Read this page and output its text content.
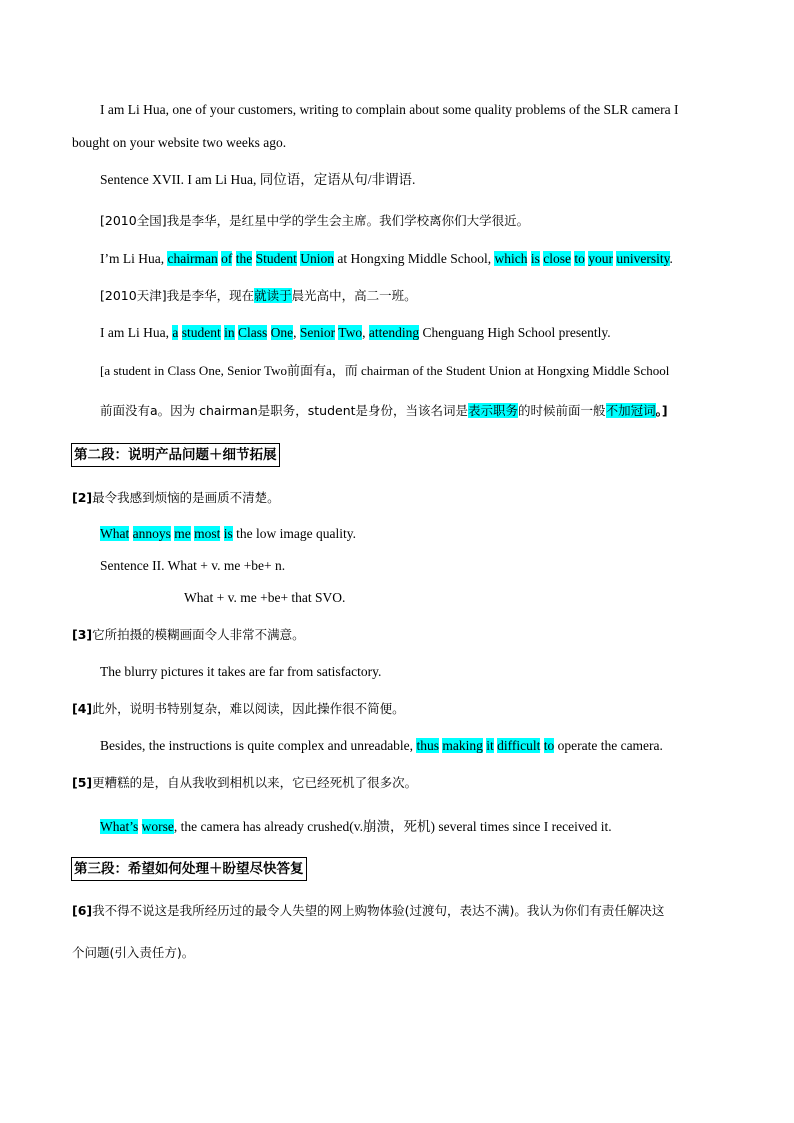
I am Li Hua, one of your customers, writing to complain about some quality problems of the SLR camera I
bought on your website two weeks ago.
Sentence XVII. I am Li Hua, 同位语，定语从句/非谓语.
[2010全国]我是李华，是红星中学的学生会主席。我们学校离你们大学很近。
I’m Li Hua, chairman of the Student Union at Hongxing Middle School, which is close to your university.
[2010天津]我是李华，现在就读于晨光高中，高二一班。
I am Li Hua, a student in Class One, Senior Two, attending Chenguang High School presently.
[a student in Class One, Senior Two前面有a，而 chairman of the Student Union at Hongxing Middle School
前面没有a。因为 chairman是职务，student是身份，当该名词是表示职务的时候前面一般不加冠词。]
第二段：说明产品问题＋细节拓展
[2]最令我感到烦恼的是画质不清楚。
What annoys me most is the low image quality.
Sentence II. What + v. me +be+ n.
What + v. me +be+ that SVO.
[3]它所拍摄的模糊画面令人非常不满意。
The blurry pictures it takes are far from satisfactory.
[4]此外，说明书特别复杂，难以阅读，因此操作很不简便。
Besides, the instructions is quite complex and unreadable, thus making it difficult to operate the camera.
[5]更糟糕的是，自从我收到相机以来，它已经死机了很多次。
What’s worse, the camera has already crushed(v.崩溃，死机) several times since I received it.
第三段：希望如何处理＋盼望尽快答复
[6]我不得不说这是我所经历过的最令人失望的网上购物体验(过渡句，表达不满)。我认为你们有责任解决这
个问题(引入责任方)。
